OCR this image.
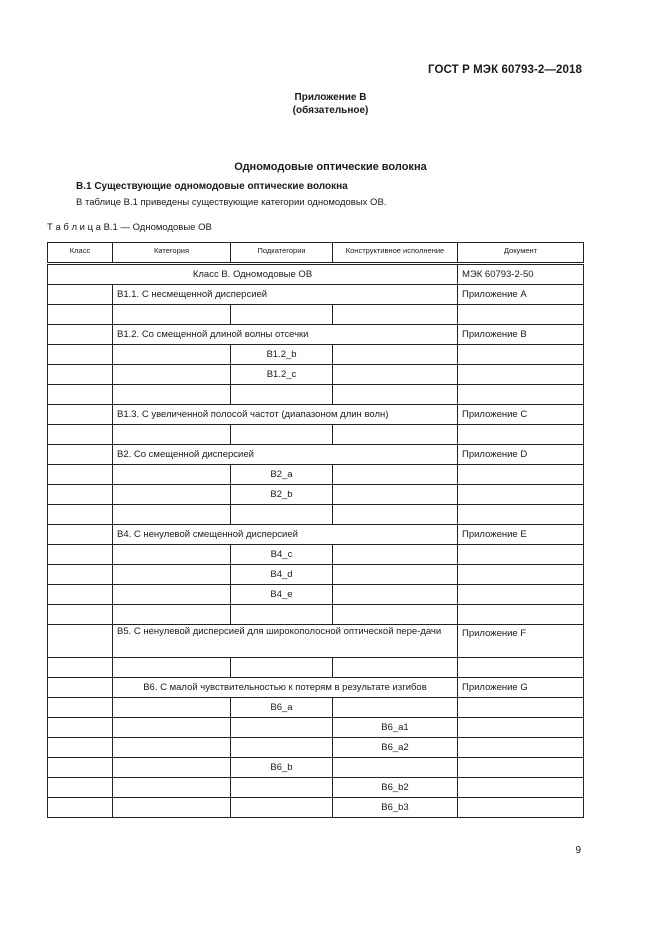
ГОСТ Р МЭК 60793-2—2018
Приложение В
(обязательное)
Одномодовые оптические волокна
В.1 Существующие одномодовые оптические волокна
В таблице В.1 приведены существующие категории одномодовых ОВ.
Т а б л и ц а В.1 — Одномодовые ОВ
Класс	Категория	Подкатегория	Конструктивное исполнение	Документ
Класс B. Одномодовые ОВ				МЭК 60793-2-50
	B1.1. С несмещенной дисперсией			Приложение A

	B1.2. Со смещенной длиной волны отсечки			Приложение B
		B1.2_b		
		B1.2_c		

	B1.3. С увеличенной полосой частот (диапазоном длин волн)			Приложение C

	B2. Со смещенной дисперсией			Приложение D
		B2_a		
		B2_b		

	B4. С ненулевой смещенной дисперсией			Приложение E
		B4_c		
		B4_d		
		B4_e		

	B5. С ненулевой дисперсией для широкополосной оптической пере-дачи			Приложение F

	B6. С малой чувствительностью к потерям в результате изгибов			Приложение G
		B6_a		
			B6_a1	
			B6_a2	
		B6_b		
			B6_b2	
			B6_b3	
9
